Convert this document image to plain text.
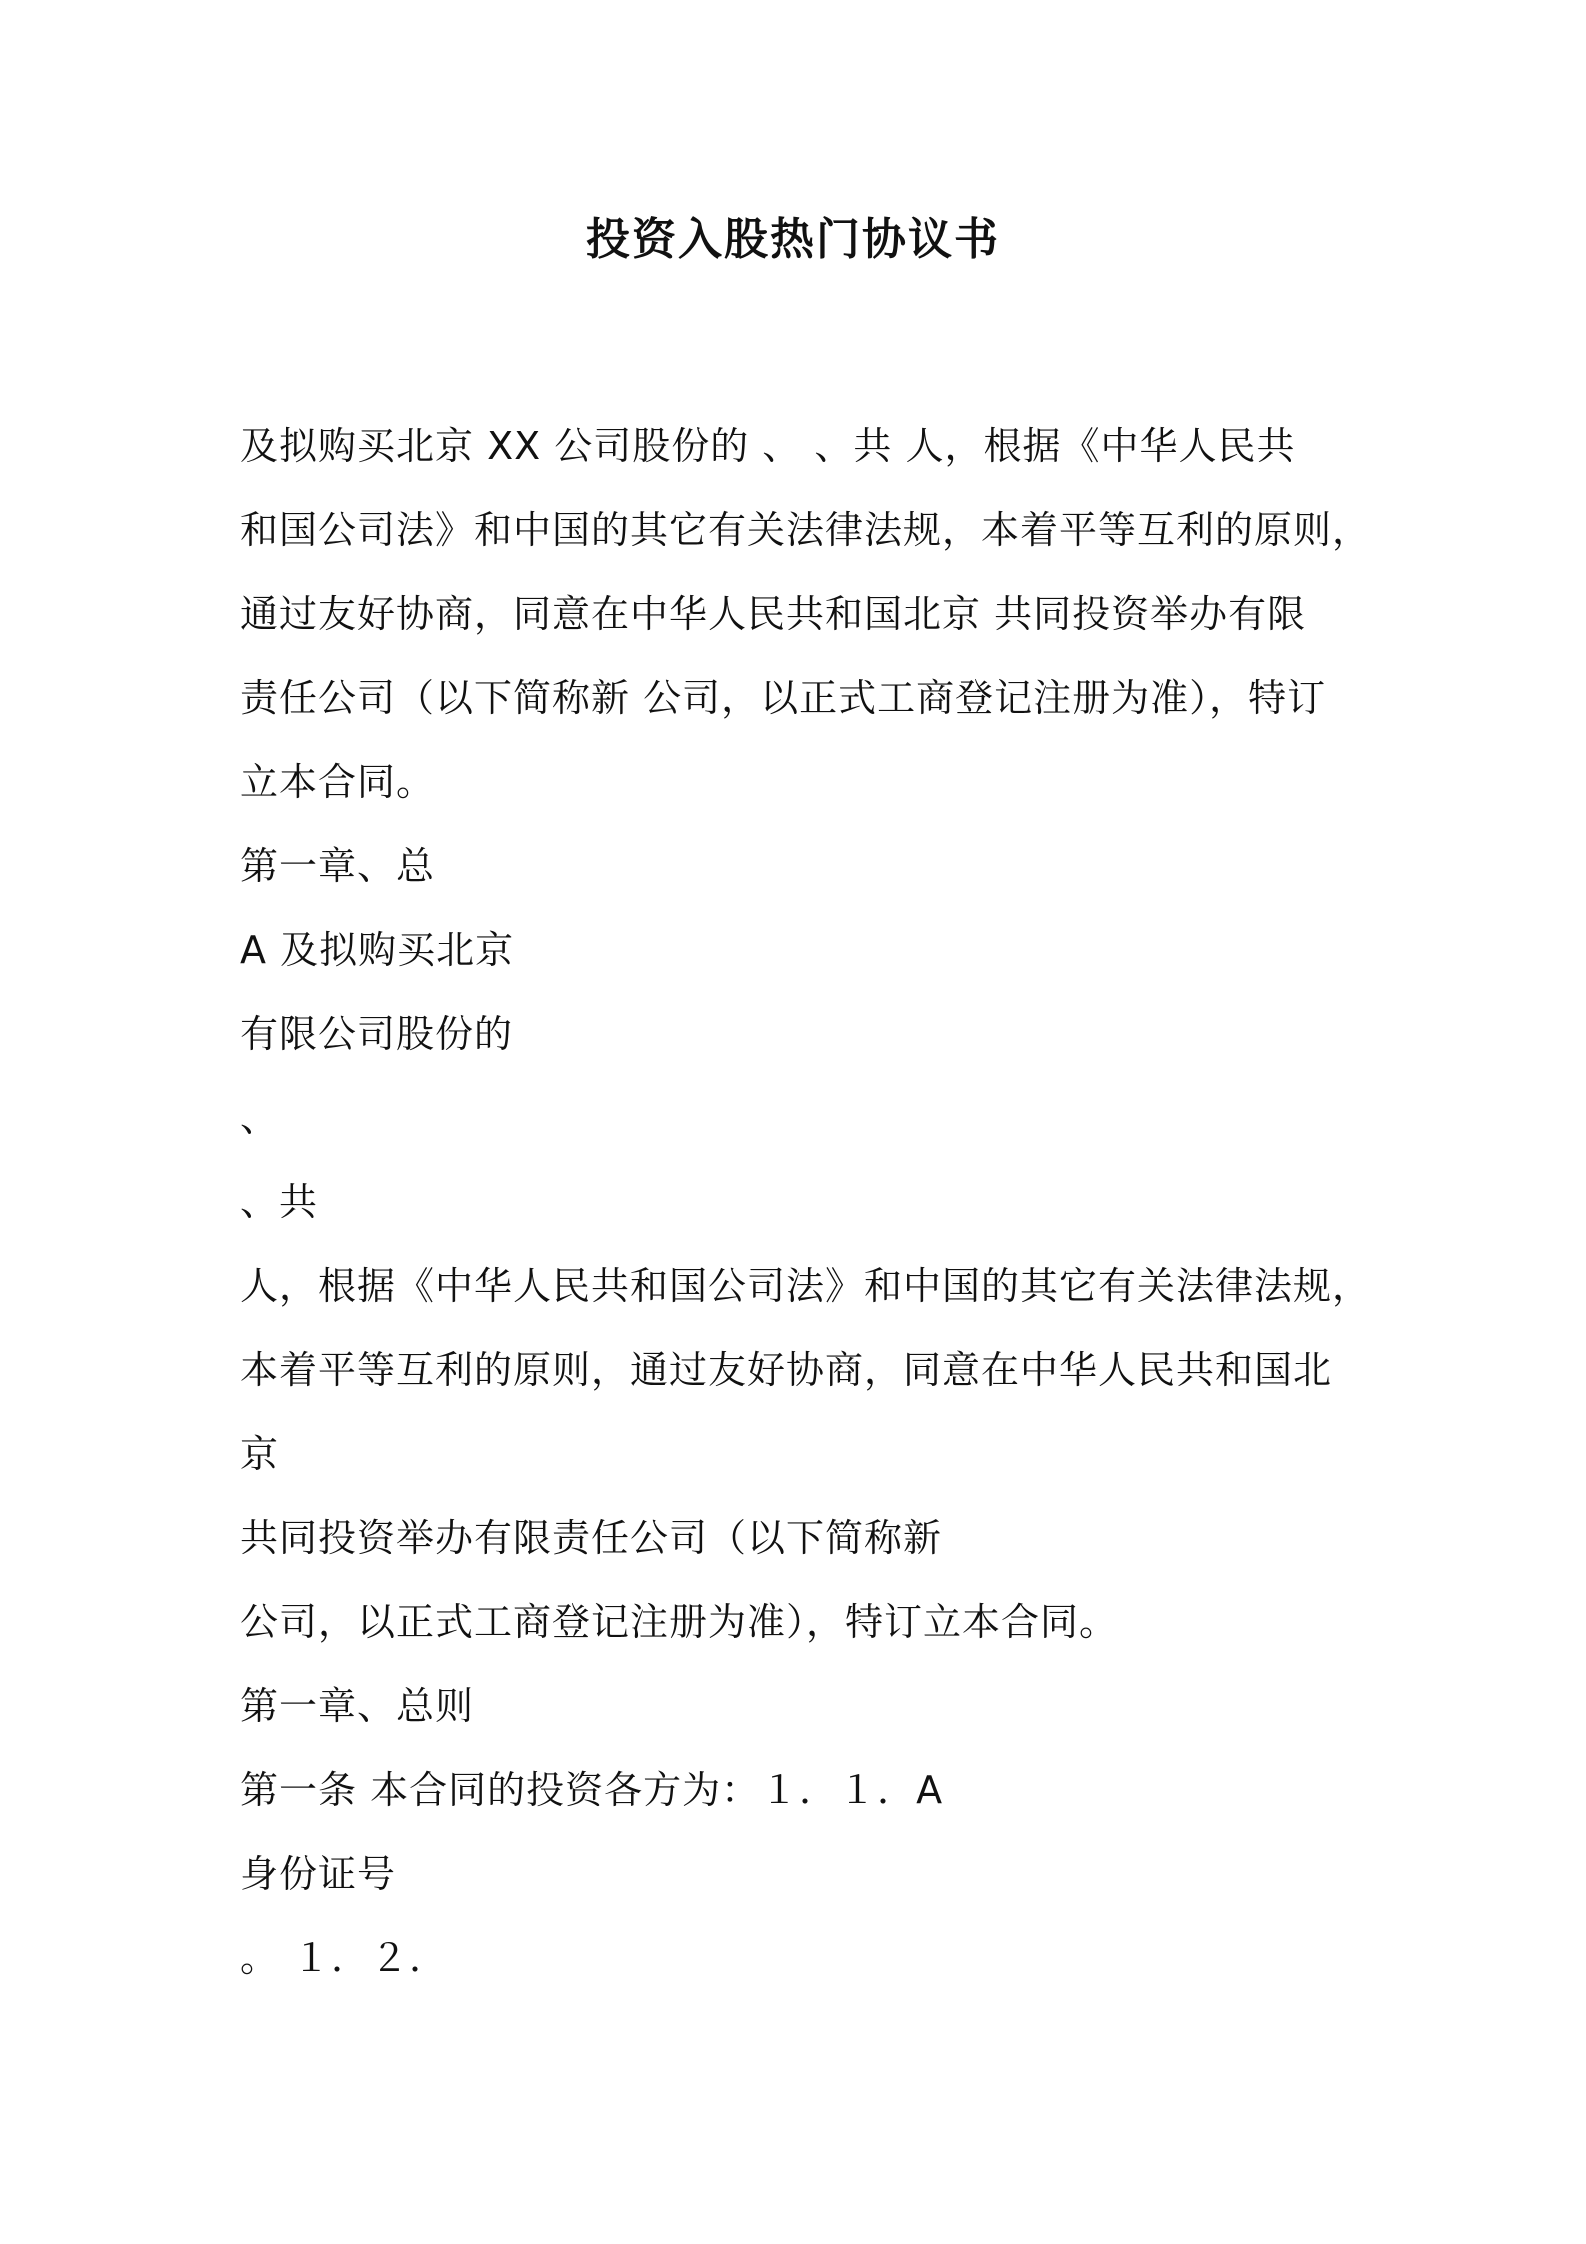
投资入股热门协议书
及拟购买北京 XX 公司股份的 、 、共 人，根据《中华人民共
和国公司法》和中国的其它有关法律法规，本着平等互利的原则，
通过友好协商，同意在中华人民共和国北京 共同投资举办有限
责任公司（以下简称新 公司，以正式工商登记注册为准），特订
立本合同。
第一章、总
A 及拟购买北京
有限公司股份的
、
、共
人，根据《中华人民共和国公司法》和中国的其它有关法律法规，
本着平等互利的原则，通过友好协商，同意在中华人民共和国北
京
共同投资举办有限责任公司（以下简称新
公司，以正式工商登记注册为准），特订立本合同。
第一章、总则
第一条 本合同的投资各方为：１．１．A
身份证号
。 １．２．
